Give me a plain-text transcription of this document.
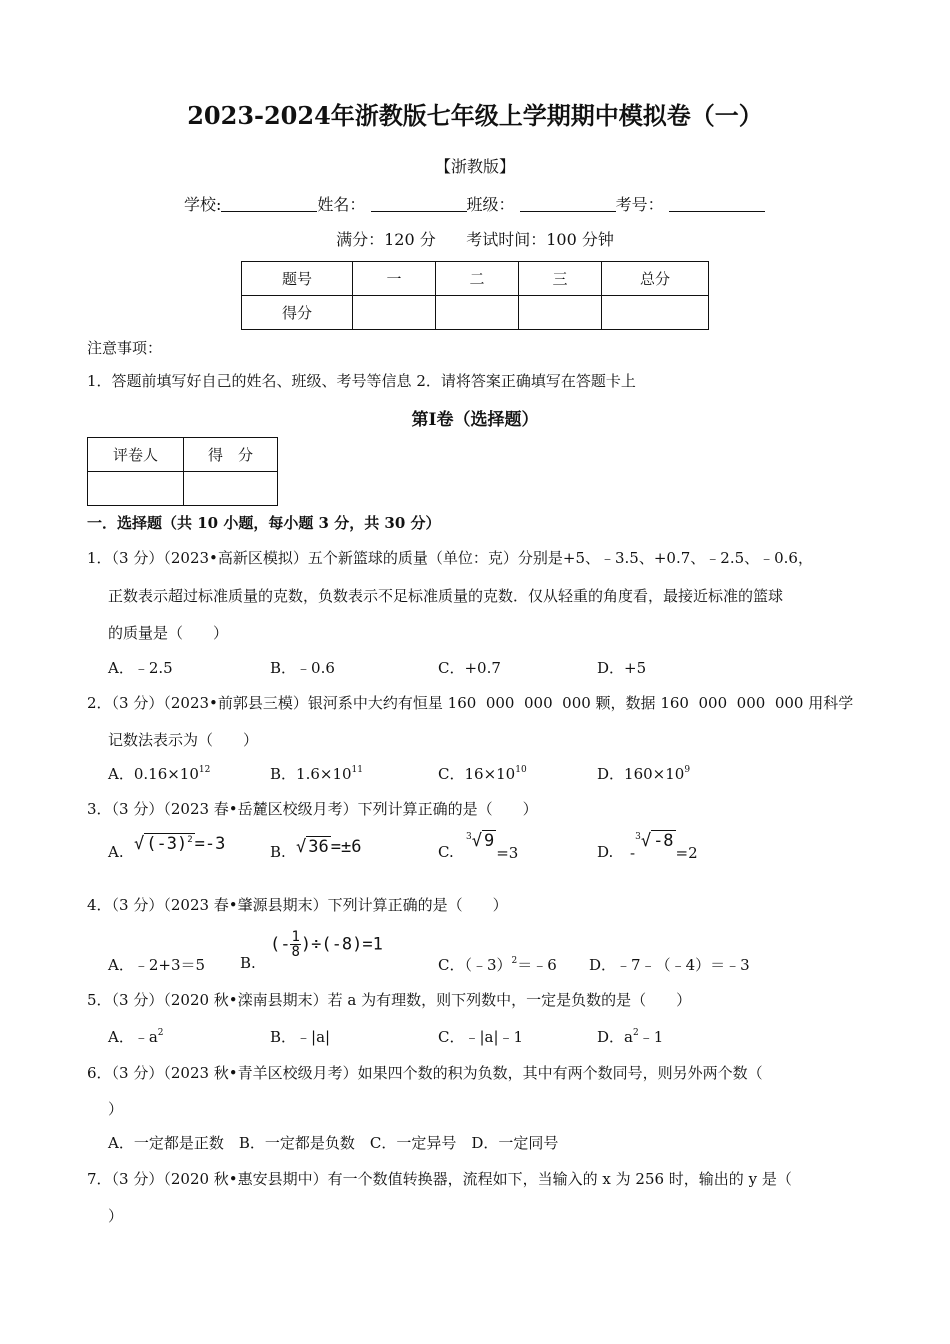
2023-2024年浙教版七年级上学期期中模拟卷（一）
【浙教版】
学校:	姓名：	班级：	考号：
满分：120 分      考试时间：100 分钟
题号	一	二	三	总分
得分				
注意事项：
1．答题前填写好自己的姓名、班级、考号等信息 2．请将答案正确填写在答题卡上
第Ⅰ卷（选择题）
评卷人	得　分

一．选择题（共 10 小题，每小题 3 分，共 30 分）
1．（3 分）（2023•高新区模拟）五个新篮球的质量（单位：克）分别是+5、﹣3.5、+0.7、﹣2.5、﹣0.6，
正数表示超过标准质量的克数，负数表示不足标准质量的克数．仅从轻重的角度看，最接近标准的篮球
的质量是（　　）
A．﹣2.5	B．﹣0.6	C．+0.7	D．+5
2．（3 分）（2023•前郭县三模）银河系中大约有恒星 160  000  000  000 颗，数据 160  000  000  000 用科学
记数法表示为（　　）
A．$0.16\times 10^{12}$	B．$1.6\times 10^{11}$	C．$16\times 10^{10}$	D．$160\times 10^9$
3．（3 分）（2023 春•岳麓区校级月考）下列计算正确的是（　　）
A. √ $(-3)^2 =-3$	B. √ 36 =±6	C.
$^3$√ 9=3	D. -$^3$√ -8=2
4．（3 分）（2023 春•肇源县期末）下列计算正确的是（　　）
A．﹣2+3＝5 B.
(- $\frac{1}{8} )\div(-8)=1$
C．（﹣3）$^2$＝﹣6 D．﹣7﹣（﹣4）＝﹣3
5．（3 分）（2020 秋•滦南县期末）若 a 为有理数，则下列数中，一定是负数的是（　　）
A．$﹣a^2$	B．﹣|a|	C．﹣|a|﹣1	D．$a^2﹣1$
6．（3 分）（2023 秋•青羊区校级月考）如果四个数的积为负数，其中有两个数同号，则另外两个数（
）
A．一定都是正数　B．一定都是负数　C．一定异号　D．一定同号
7．（3 分）（2020 秋•惠安县期中）有一个数值转换器，流程如下，当输入的 x 为 256 时，输出的 y 是（
）
